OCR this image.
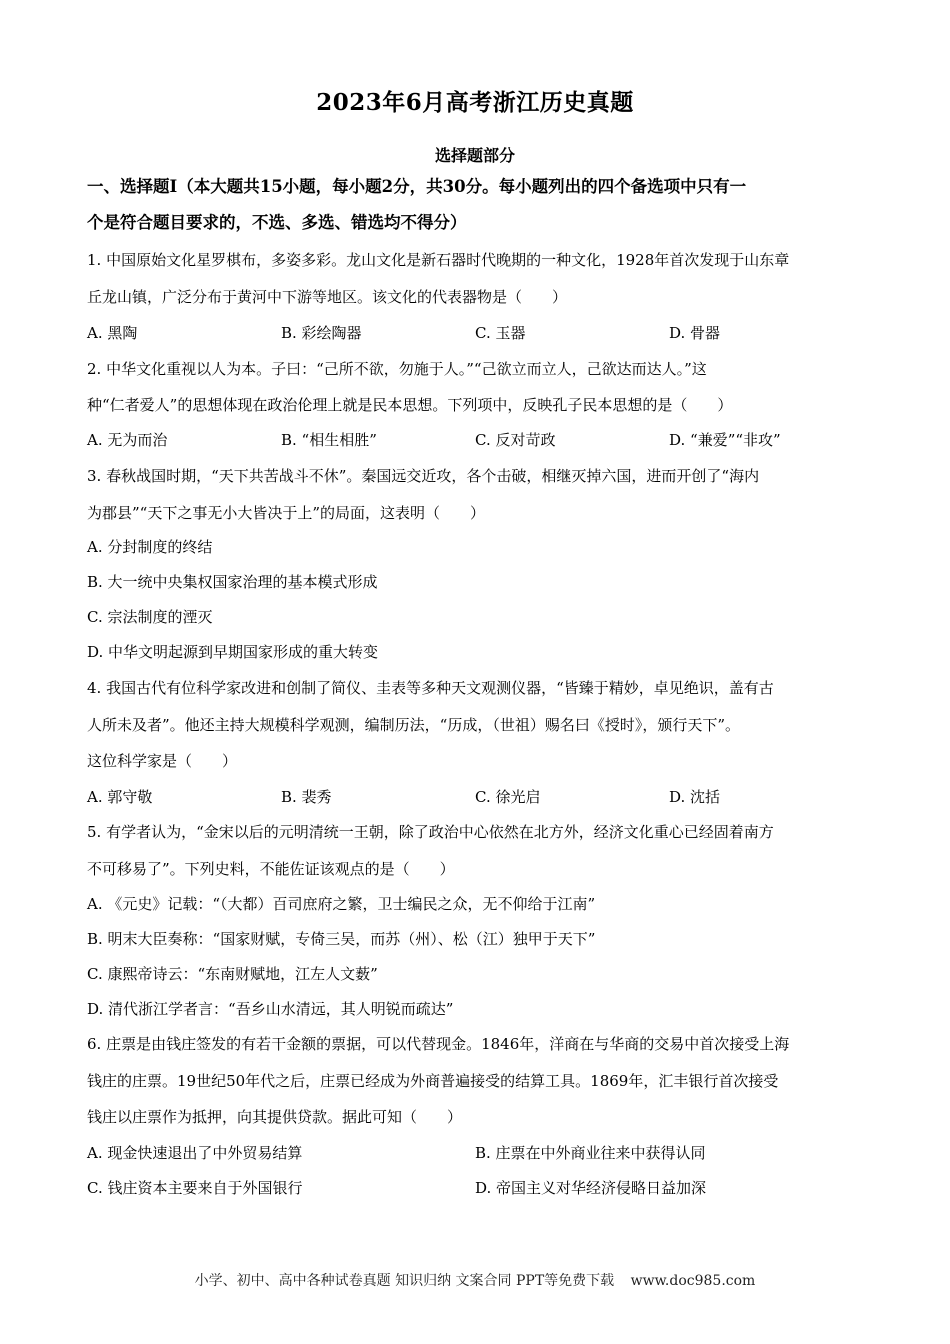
2023年6月高考浙江历史真题
选择题部分
一、选择题Ⅰ（本大题共15小题，每小题2分，共30分。每小题列出的四个备选项中只有一
个是符合题目要求的，不选、多选、错选均不得分）
1. 中国原始文化星罗棋布，多姿多彩。龙山文化是新石器时代晚期的一种文化，1928年首次发现于山东章
丘龙山镇，广泛分布于黄河中下游等地区。该文化的代表器物是（　　）
A. 黑陶	B. 彩绘陶器	C. 玉器	D. 骨器
2. 中华文化重视以人为本。子曰：“己所不欲，勿施于人。”“己欲立而立人，己欲达而达人。”这
种“仁者爱人”的思想体现在政治伦理上就是民本思想。下列项中，反映孔子民本思想的是（　　）
A. 无为而治	B. “相生相胜”	C. 反对苛政	D. “兼爱”“非攻”
3. 春秋战国时期，“天下共苦战斗不休”。秦国远交近攻，各个击破，相继灭掉六国，进而开创了“海内
为郡县”“天下之事无小大皆决于上”的局面，这表明（　　）
A. 分封制度的终结
B. 大一统中央集权国家治理的基本模式形成
C. 宗法制度的湮灭
D. 中华文明起源到早期国家形成的重大转变
4. 我国古代有位科学家改进和创制了简仪、圭表等多种天文观测仪器，“皆臻于精妙，卓见绝识，盖有古
人所未及者”。他还主持大规模科学观测，编制历法，“历成，（世祖）赐名曰《授时》，颁行天下”。
这位科学家是（　　）
A. 郭守敬	B. 裴秀	C. 徐光启	D. 沈括
5. 有学者认为，“金宋以后的元明清统一王朝，除了政治中心依然在北方外，经济文化重心已经固着南方
不可移易了”。下列史料，不能佐证该观点的是（　　）
A. 《元史》记载：“（大都）百司庶府之繁，卫士编民之众，无不仰给于江南”
B. 明末大臣奏称：“国家财赋，专倚三吴，而苏（州）、松（江）独甲于天下”
C. 康熙帝诗云：“东南财赋地，江左人文薮”
D. 清代浙江学者言：“吾乡山水清远，其人明锐而疏达”
6. 庄票是由钱庄签发的有若干金额的票据，可以代替现金。1846年，洋商在与华商的交易中首次接受上海
钱庄的庄票。19世纪50年代之后，庄票已经成为外商普遍接受的结算工具。1869年，汇丰银行首次接受
钱庄以庄票作为抵押，向其提供贷款。据此可知（　　）
A. 现金快速退出了中外贸易结算	B. 庄票在中外商业往来中获得认同
C. 钱庄资本主要来自于外国银行	D. 帝国主义对华经济侵略日益加深
小学、初中、高中各种试卷真题 知识归纳 文案合同 PPT等免费下载 www.doc985.com
